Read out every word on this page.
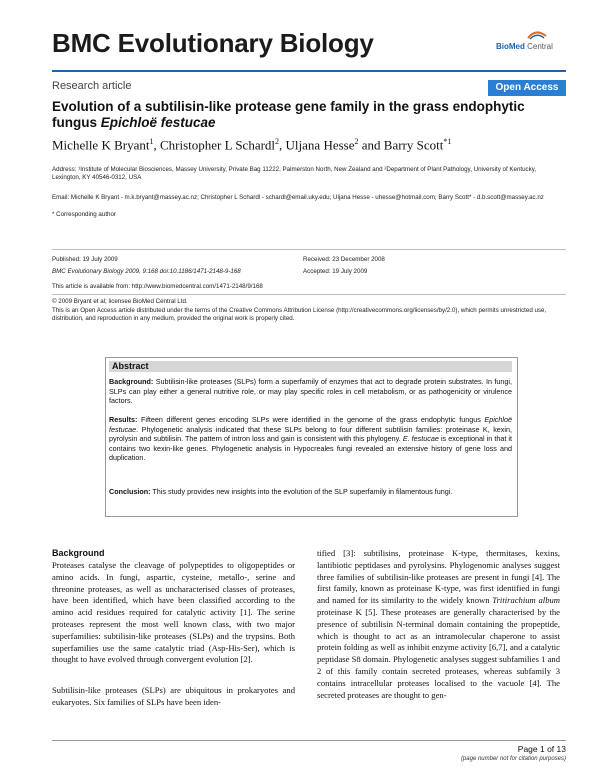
BMC Evolutionary Biology	BioMed Central
Research article	Open Access
Evolution of a subtilisin-like protease gene family in the grass endophytic fungus Epichloë festucae
Michelle K Bryant$^1$, Christopher L Schardl$^2$, Uljana Hesse$^2$ and Barry Scott$^{*1}$
Address: ¹Institute of Molecular Biosciences, Massey University, Private Bag 11222, Palmerston North, New Zealand and ²Department of Plant Pathology, University of Kentucky, Lexington, KY 40546-0312, USA
Email: Michelle K Bryant - m.k.bryant@massey.ac.nz; Christopher L Schardl - schardl@email.uky.edu; Uljana Hesse - uhesse@hotmail.com; Barry Scott* - d.b.scott@massey.ac.nz
* Corresponding author
Published: 19 July 2009	Received: 23 December 2008
BMC Evolutionary Biology 2009, 9:168 doi:10.1186/1471-2148-9-168	Accepted: 19 July 2009
This article is available from: http://www.biomedcentral.com/1471-2148/9/168
© 2009 Bryant et al; licensee BioMed Central Ltd.
This is an Open Access article distributed under the terms of the Creative Commons Attribution License (http://creativecommons.org/licenses/by/2.0), which permits unrestricted use, distribution, and reproduction in any medium, provided the original work is properly cited.
Abstract
Background: Subtilisin-like proteases (SLPs) form a superfamily of enzymes that act to degrade protein substrates. In fungi, SLPs can play either a general nutritive role, or may play specific roles in cell metabolism, or as pathogenicity or virulence factors.
Results: Fifteen different genes encoding SLPs were identified in the genome of the grass endophytic fungus Epichloë festucae. Phylogenetic analysis indicated that these SLPs belong to four different subtilisin families: proteinase K, kexin, pyrolysin and subtilisin. The pattern of intron loss and gain is consistent with this phylogeny. E. festucae is exceptional in that it contains two kexin-like genes. Phylogenetic analysis in Hypocreales fungi revealed an extensive history of gene loss and duplication.
Conclusion: This study provides new insights into the evolution of the SLP superfamily in filamentous fungi.
Background
Proteases catalyse the cleavage of polypeptides to oligopeptides or amino acids. In fungi, aspartic, cysteine, metallo-, serine and threonine proteases, as well as uncharacterised classes of proteases, have been identified, which have been classified according to the amino acid residues required for catalytic activity [1]. The serine proteases represent the most well known class, with two major superfamilies: subtilisin-like proteases (SLPs) and the trypsins. Both superfamilies use the same catalytic triad (Asp-His-Ser), which is thought to have evolved through convergent evolution [2].
Subtilisin-like proteases (SLPs) are ubiquitous in prokaryotes and eukaryotes. Six families of SLPs have been iden-
tified [3]: subtilisins, proteinase K-type, thermitases, kexins, lantibiotic peptidases and pyrolysins. Phylogenomic analyses suggest three families of subtilisin-like proteases are present in fungi [4]. The first family, known as proteinase K-type, was first identified in fungi and named for its similarity to the widely known Tritirachium album proteinase K [5]. These proteases are generally characterised by the presence of subtilisin N-terminal domain containing the propeptide, which is thought to act as an intramolecular chaperone to assist protein folding as well as inhibit enzyme activity [6,7], and a catalytic peptidase S8 domain. Phylogenetic analyses suggest subfamilies 1 and 2 of this family contain secreted proteases, whereas subfamily 3 contains intracellular proteases localised to the vacuole [4]. The secreted proteases are thought to gen-
Page 1 of 13
(page number not for citation purposes)
